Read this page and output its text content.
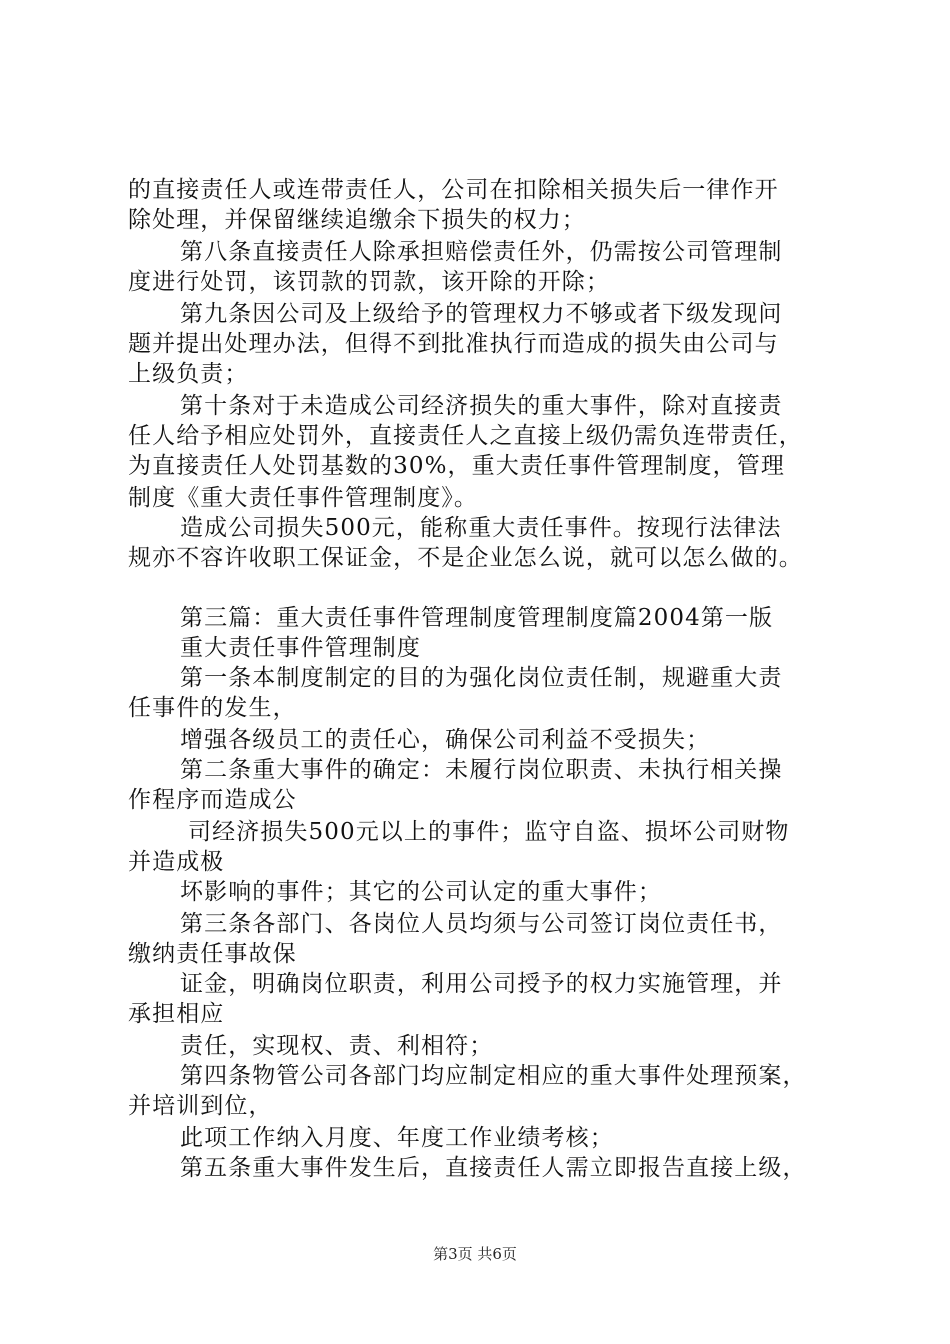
的直接责任人或连带责任人，公司在扣除相关损失后一律作开
除处理，并保留继续追缴余下损失的权力；
第八条直接责任人除承担赔偿责任外，仍需按公司管理制
度进行处罚，该罚款的罚款，该开除的开除；
第九条因公司及上级给予的管理权力不够或者下级发现问
题并提出处理办法，但得不到批准执行而造成的损失由公司与
上级负责；
第十条对于未造成公司经济损失的重大事件，除对直接责
任人给予相应处罚外，直接责任人之直接上级仍需负连带责任，
为直接责任人处罚基数的30%，重大责任事件管理制度，管理
制度《重大责任事件管理制度》。
造成公司损失500元，能称重大责任事件。按现行法律法
规亦不容许收职工保证金，不是企业怎么说，就可以怎么做的。
第三篇：重大责任事件管理制度管理制度篇2004第一版
重大责任事件管理制度
第一条本制度制定的目的为强化岗位责任制，规避重大责
任事件的发生，
增强各级员工的责任心，确保公司利益不受损失；
第二条重大事件的确定：未履行岗位职责、未执行相关操
作程序而造成公
司经济损失500元以上的事件；监守自盗、损坏公司财物
并造成极
坏影响的事件；其它的公司认定的重大事件；
第三条各部门、各岗位人员均须与公司签订岗位责任书，
缴纳责任事故保
证金，明确岗位职责，利用公司授予的权力实施管理，并
承担相应
责任，实现权、责、利相符；
第四条物管公司各部门均应制定相应的重大事件处理预案，
并培训到位，
此项工作纳入月度、年度工作业绩考核；
第五条重大事件发生后，直接责任人需立即报告直接上级，
第3页 共6页
